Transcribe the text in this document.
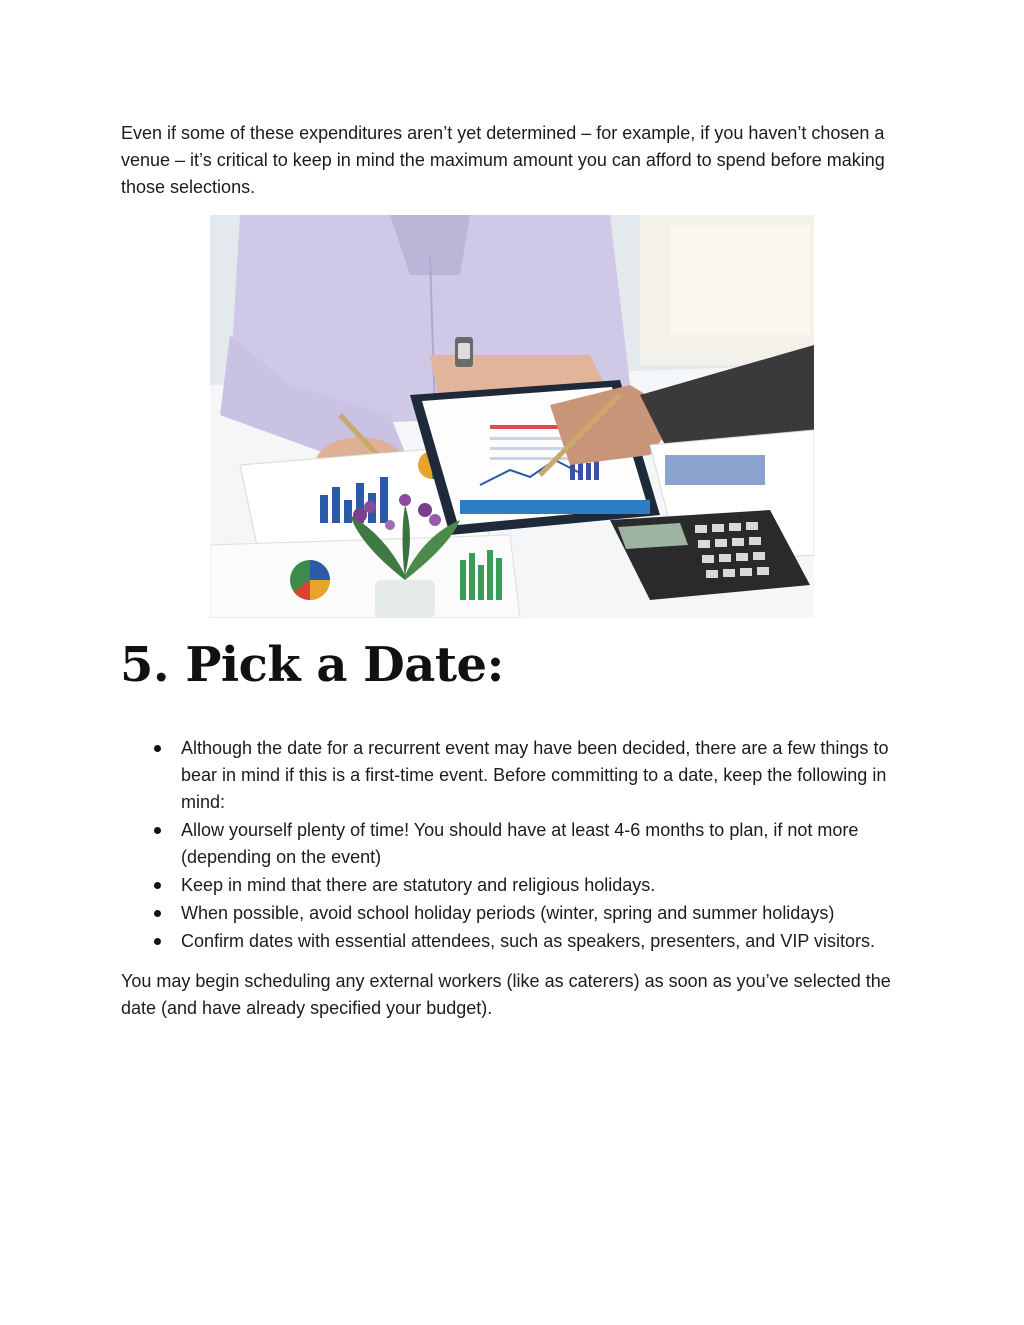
Even if some of these expenditures aren’t yet determined – for example, if you haven’t chosen a venue – it’s critical to keep in mind the maximum amount you can afford to spend before making those selections.

5. Pick a Date:
Although the date for a recurrent event may have been decided, there are a few things to bear in mind if this is a first-time event. Before committing to a date, keep the following in mind:
Allow yourself plenty of time! You should have at least 4-6 months to plan, if not more (depending on the event)
Keep in mind that there are statutory and religious holidays.
When possible, avoid school holiday periods (winter, spring and summer holidays)
Confirm dates with essential attendees, such as speakers, presenters, and VIP visitors.

You may begin scheduling any external workers (like as caterers) as soon as you’ve selected the date (and have already specified your budget).
